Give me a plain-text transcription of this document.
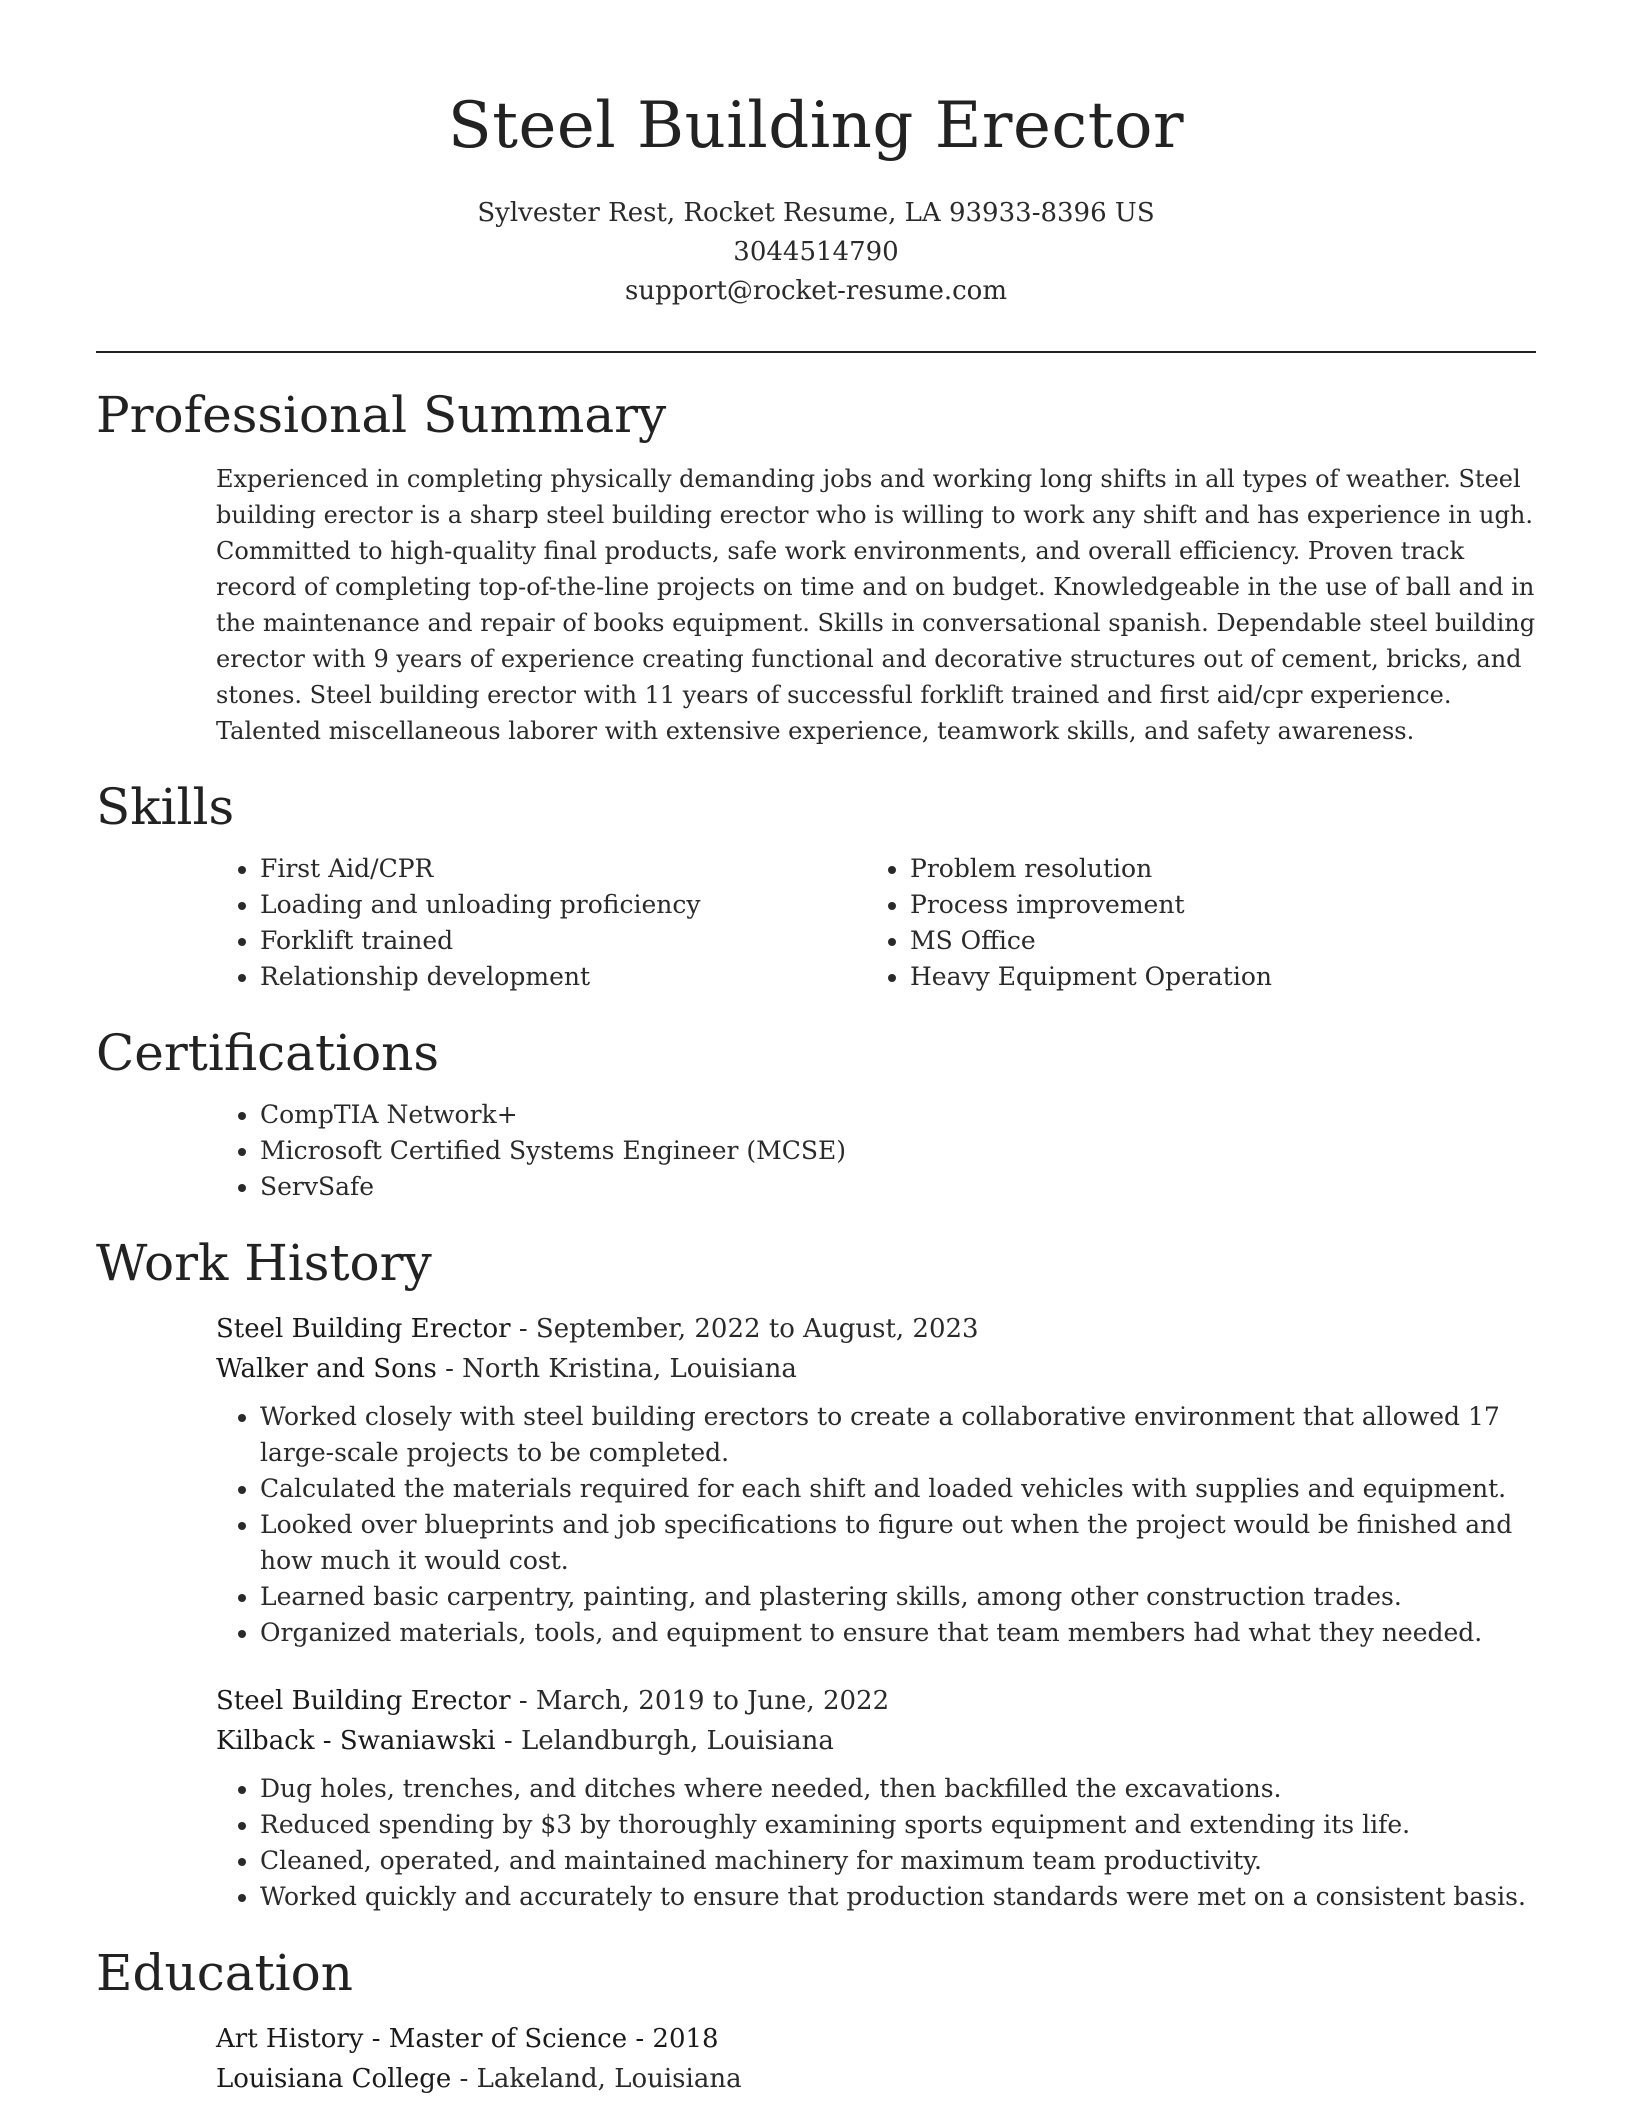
Steel Building Erector
Sylvester Rest, Rocket Resume, LA 93933-8396 US
3044514790
support@rocket-resume.com
Professional Summary

Experienced in completing physically demanding jobs and working long shifts in all types of weather. Steel building erector is a sharp steel building erector who is willing to work any shift and has experience in ugh. Committed to high-quality final products, safe work environments, and overall efficiency. Proven track record of completing top-of-the-line projects on time and on budget. Knowledgeable in the use of ball and in the maintenance and repair of books equipment. Skills in conversational spanish. Dependable steel building erector with 9 years of experience creating functional and decorative structures out of cement, bricks, and stones. Steel building erector with 11 years of successful forklift trained and first aid/cpr experience. Talented miscellaneous laborer with extensive experience, teamwork skills, and safety awareness.

Skills
• First Aid/CPR
• Loading and unloading proficiency
• Forklift trained
• Relationship development
• Problem resolution
• Process improvement
• MS Office
• Heavy Equipment Operation
Certifications
• CompTIA Network+
• Microsoft Certified Systems Engineer (MCSE)
• ServSafe
Work History
Steel Building Erector - September, 2022 to August, 2023
Walker and Sons - North Kristina, Louisiana
• Worked closely with steel building erectors to create a collaborative environment that allowed 17 large-scale projects to be completed.
• Calculated the materials required for each shift and loaded vehicles with supplies and equipment.
• Looked over blueprints and job specifications to figure out when the project would be finished and how much it would cost.
• Learned basic carpentry, painting, and plastering skills, among other construction trades.
• Organized materials, tools, and equipment to ensure that team members had what they needed.
Steel Building Erector - March, 2019 to June, 2022
Kilback - Swaniawski - Lelandburgh, Louisiana
• Dug holes, trenches, and ditches where needed, then backfilled the excavations.
• Reduced spending by $3 by thoroughly examining sports equipment and extending its life.
• Cleaned, operated, and maintained machinery for maximum team productivity.
• Worked quickly and accurately to ensure that production standards were met on a consistent basis.
Education
Art History - Master of Science - 2018
Louisiana College - Lakeland, Louisiana
